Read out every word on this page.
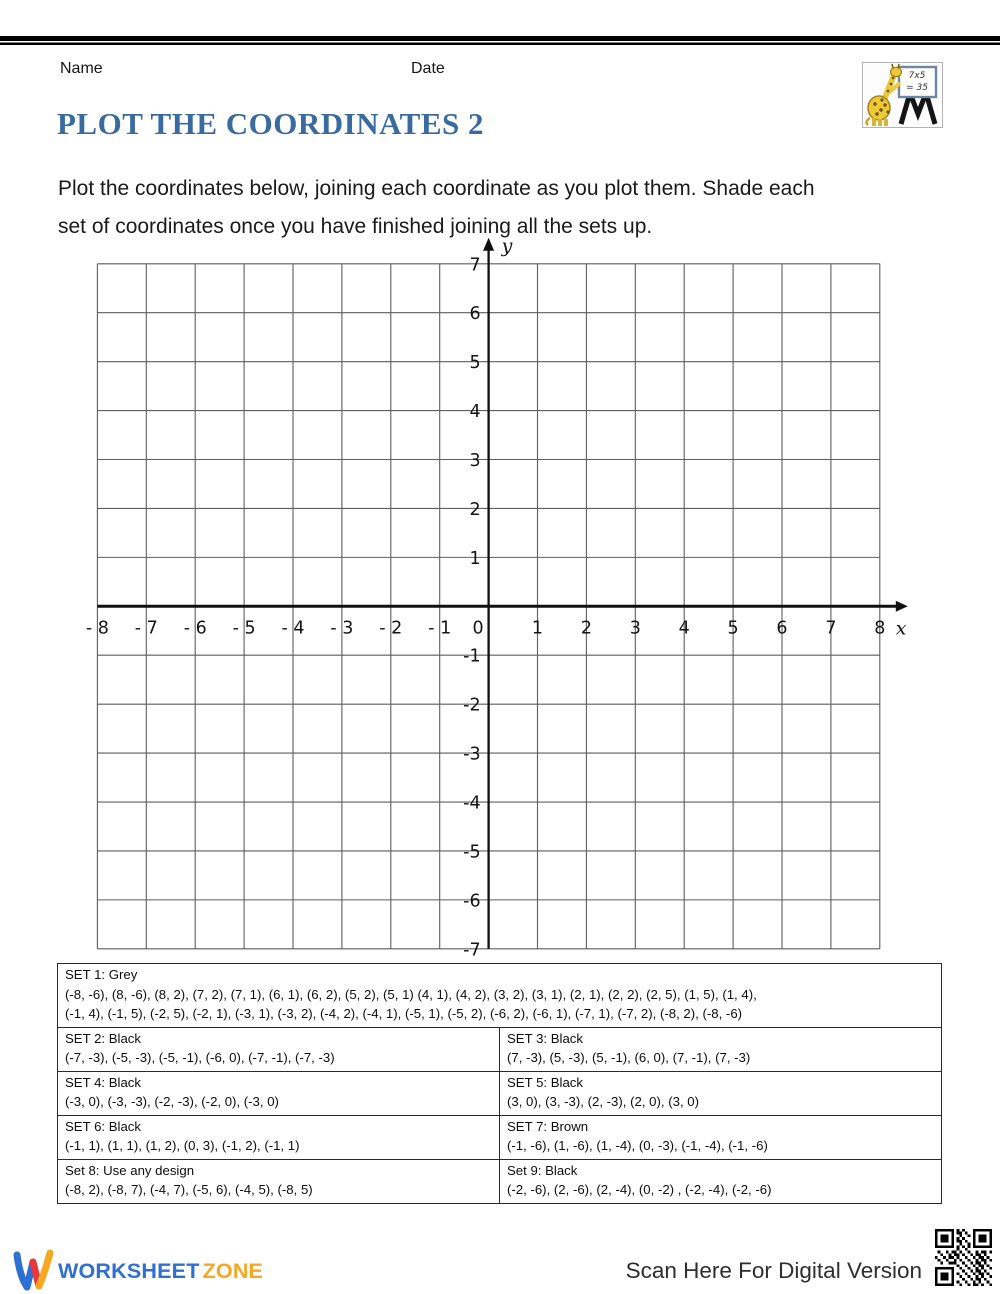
Name	Date	7x5
= 35
PLOT THE COORDINATES 2
Plot the coordinates below, joining each coordinate as you plot them. Shade each
set of coordinates once you have finished joining all the sets up.
- 8 - 7 - 6 - 5 - 4 - 3 - 2 - 1 0	1 2 3 4 5 6 7 8
7
6
5
4
3
2
1
-1
-2
-3
-4
-5
-6
-7
x
y
SET 1: Grey
(-8, -6), (8, -6), (8, 2), (7, 2), (7, 1), (6, 1), (6, 2), (5, 2), (5, 1) (4, 1), (4, 2), (3, 2), (3, 1), (2, 1), (2, 2), (2, 5), (1, 5), (1, 4),
(-1, 4), (-1, 5), (-2, 5), (-2, 1), (-3, 1), (-3, 2), (-4, 2), (-4, 1), (-5, 1), (-5, 2), (-6, 2), (-6, 1), (-7, 1), (-7, 2), (-8, 2), (-8, -6)	

SET 2: Black
(-7, -3), (-5, -3), (-5, -1), (-6, 0), (-7, -1), (-7, -3)

SET 3: Black
(7, -3), (5, -3), (5, -1), (6, 0), (7, -1), (7, -3)

SET 4: Black
(-3, 0), (-3, -3), (-2, -3), (-2, 0), (-3, 0)

SET 5: Black
(3, 0), (3, -3), (2, -3), (2, 0), (3, 0)

SET 6: Black
(-1, 1), (1, 1), (1, 2), (0, 3), (-1, 2), (-1, 1)

SET 7: Brown
(-1, -6), (1, -6), (1, -4), (0, -3), (-1, -4), (-1, -6)

Set 8: Use any design
(-8, 2), (-8, 7), (-4, 7), (-5, 6), (-4, 5), (-8, 5)

Set 9: Black
(-2, -6), (2, -6), (2, -4), (0, -2) , (-2, -4), (-2, -6)
WORKSHEET ZONE	Scan Here For Digital Version
